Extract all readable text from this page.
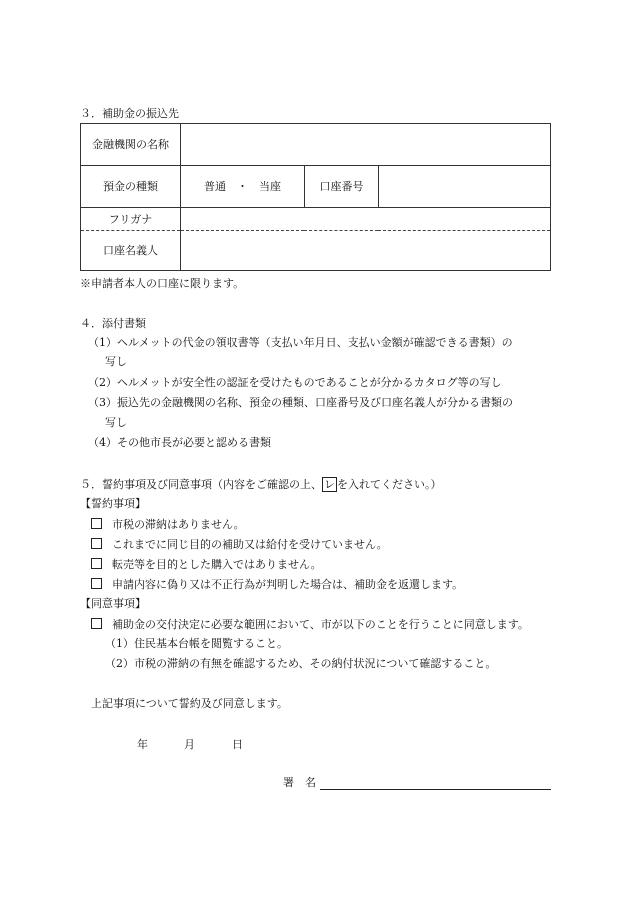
３．補助金の振込先
金融機関の名称			
預金の種類	普通　・　当座	口座番号	
フリガナ			
口座名義人			
※申請者本人の口座に限ります。
４．添付書類
（1）ヘルメットの代金の領収書等（支払い年月日、支払い金額が確認できる書類）の
写し
（2）ヘルメットが安全性の認証を受けたものであることが分かるカタログ等の写し
（3）振込先の金融機関の名称、預金の種類、口座番号及び口座名義人が分かる書類の
写し
（4）その他市長が必要と認める書類
５．誓約事項及び同意事項（内容をご確認の上、 レ を入れてください。）
【誓約事項】
市税の滞納はありません。
これまでに同じ目的の補助又は給付を受けていません。
転売等を目的とした購入ではありません。
申請内容に偽り又は不正行為が判明した場合は、補助金を返還します。
【同意事項】
補助金の交付決定に必要な範囲において、市が以下のことを行うことに同意します。
（1）住民基本台帳を閲覧すること。
（2）市税の滞納の有無を確認するため、その納付状況について確認すること。
上記事項について誓約及び同意します。
年	月	日
署　名
